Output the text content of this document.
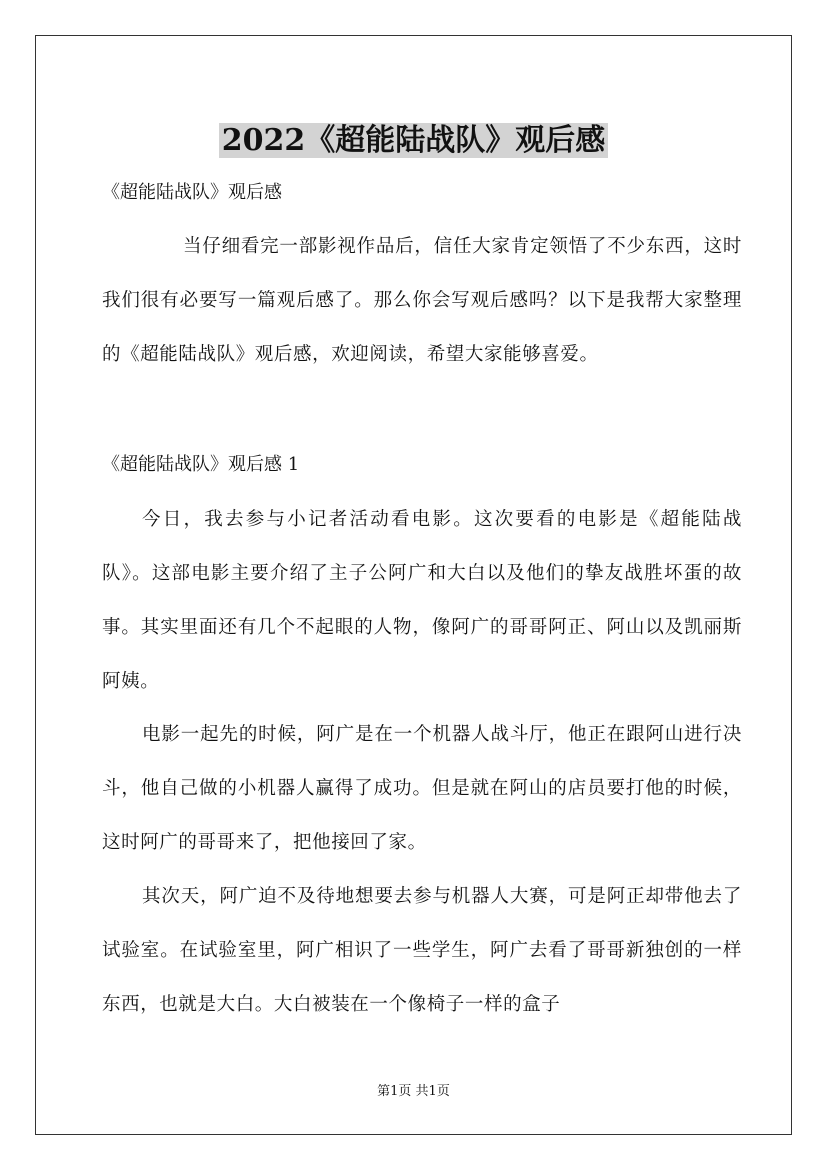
2022《超能陆战队》观后感

《超能陆战队》观后感

当仔细看完一部影视作品后，信任大家肯定领悟了不少东西，这时我们很有必要写一篇观后感了。那么你会写观后感吗？以下是我帮大家整理的《超能陆战队》观后感，欢迎阅读，希望大家能够喜爱。

《超能陆战队》观后感 1

今日，我去参与小记者活动看电影。这次要看的电影是《超能陆战队》。这部电影主要介绍了主子公阿广和大白以及他们的挚友战胜坏蛋的故事。其实里面还有几个不起眼的人物，像阿广的哥哥阿正、阿山以及凯丽斯阿姨。

电影一起先的时候，阿广是在一个机器人战斗厅，他正在跟阿山进行决斗，他自己做的小机器人赢得了成功。但是就在阿山的店员要打他的时候，这时阿广的哥哥来了，把他接回了家。

其次天，阿广迫不及待地想要去参与机器人大赛，可是阿正却带他去了试验室。在试验室里，阿广相识了一些学生，阿广去看了哥哥新独创的一样东西，也就是大白。大白被装在一个像椅子一样的盒子

第1页 共1页
